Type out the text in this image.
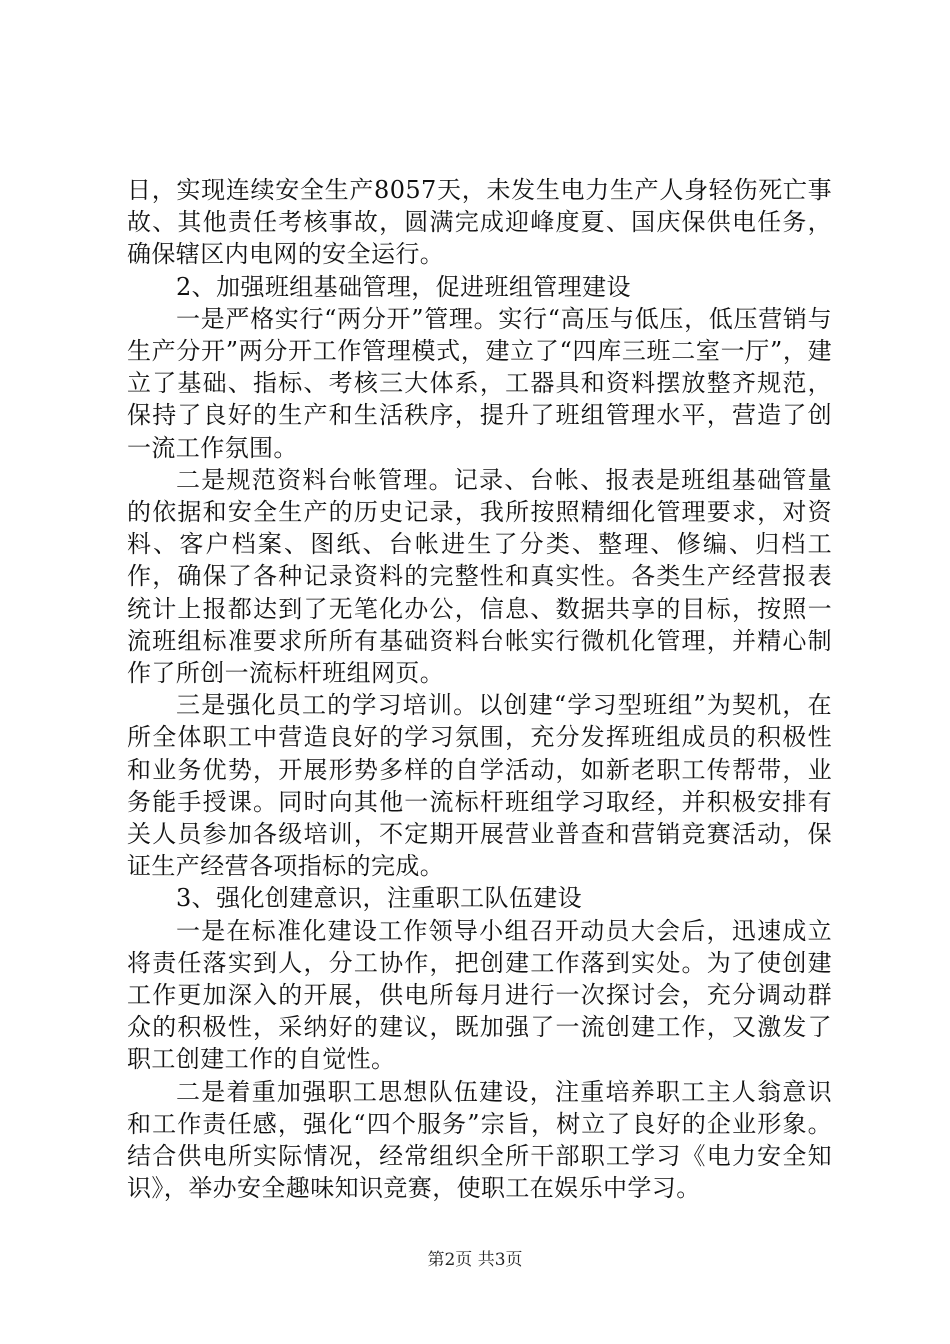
日，实现连续安全生产8057天，未发生电力生产人身轻伤死亡事故、其他责任考核事故，圆满完成迎峰度夏、国庆保供电任务，确保辖区内电网的安全运行。

2、加强班组基础管理，促进班组管理建设

一是严格实行“两分开”管理。实行“高压与低压，低压营销与生产分开”两分开工作管理模式，建立了“四库三班二室一厅”，建立了基础、指标、考核三大体系，工器具和资料摆放整齐规范，保持了良好的生产和生活秩序，提升了班组管理水平，营造了创一流工作氛围。

二是规范资料台帐管理。记录、台帐、报表是班组基础管量的依据和安全生产的历史记录，我所按照精细化管理要求，对资料、客户档案、图纸、台帐进生了分类、整理、修编、归档工作，确保了各种记录资料的完整性和真实性。各类生产经营报表统计上报都达到了无笔化办公，信息、数据共享的目标，按照一流班组标准要求所所有基础资料台帐实行微机化管理，并精心制作了所创一流标杆班组网页。

三是强化员工的学习培训。以创建“学习型班组”为契机，在所全体职工中营造良好的学习氛围，充分发挥班组成员的积极性和业务优势，开展形势多样的自学活动，如新老职工传帮带，业务能手授课。同时向其他一流标杆班组学习取经，并积极安排有关人员参加各级培训，不定期开展营业普查和营销竞赛活动，保证生产经营各项指标的完成。

3、强化创建意识，注重职工队伍建设

一是在标准化建设工作领导小组召开动员大会后，迅速成立将责任落实到人，分工协作，把创建工作落到实处。为了使创建工作更加深入的开展，供电所每月进行一次探讨会，充分调动群众的积极性，采纳好的建议，既加强了一流创建工作，又激发了职工创建工作的自觉性。

二是着重加强职工思想队伍建设，注重培养职工主人翁意识和工作责任感，强化“四个服务”宗旨，树立了良好的企业形象。结合供电所实际情况，经常组织全所干部职工学习《电力安全知识》，举办安全趣味知识竞赛，使职工在娱乐中学习。

第2页 共3页
